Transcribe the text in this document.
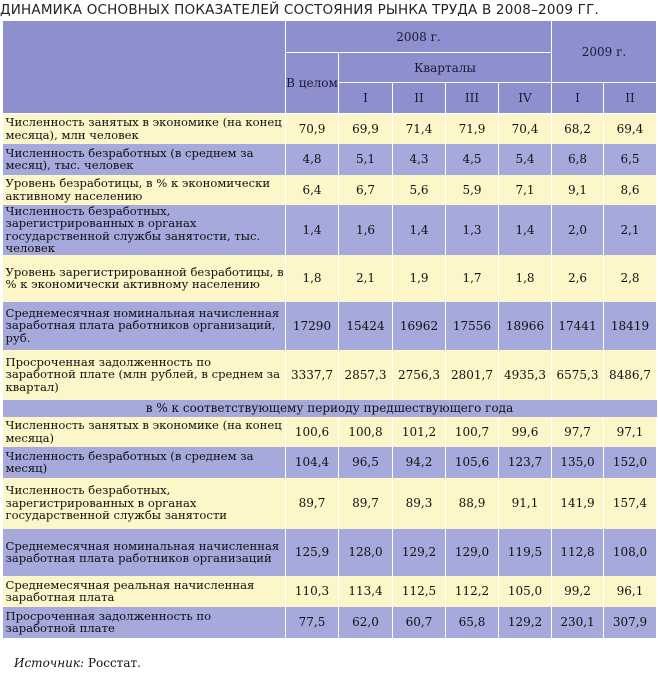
ДИНАМИКА ОСНОВНЫХ ПОКАЗАТЕЛЕЙ СОСТОЯНИЯ РЫНКА ТРУДА В 2008–2009 ГГ.
	2008 г.					2009 г.	
	В целом	Кварталы					
		I	II	III	IV	I	II
Численность занятых в экономике (на конец месяца), млн человек	70,9	69,9	71,4	71,9	70,4	68,2	69,4
Численность безработных (в среднем за месяц), тыс. человек	4,8	5,1	4,3	4,5	5,4	6,8	6,5
Уровень безработицы, в % к экономически активному населению	6,4	6,7	5,6	5,9	7,1	9,1	8,6
Численность безработных, зарегистрированных в органах государственной службы занятости, тыс. человек	1,4	1,6	1,4	1,3	1,4	2,0	2,1
Уровень зарегистрированной безработицы, в % к экономически активному населению	1,8	2,1	1,9	1,7	1,8	2,6	2,8
Среднемесячная номинальная начисленная заработная плата работников организаций, руб.	17290	15424	16962	17556	18966	17441	18419
Просроченная задолженность по заработной плате (млн рублей, в среднем за квартал)	3337,7	2857,3	2756,3	2801,7	4935,3	6575,3	8486,7
в % к соответствующему периоду предшествующего года							
Численность занятых в экономике (на конец месяца)	100,6	100,8	101,2	100,7	99,6	97,7	97,1
Численность безработных (в среднем за месяц)	104,4	96,5	94,2	105,6	123,7	135,0	152,0
Численность безработных, зарегистрированных в органах государственной службы занятости	89,7	89,7	89,3	88,9	91,1	141,9	157,4
Среднемесячная номинальная начисленная заработная плата работников организаций	125,9	128,0	129,2	129,0	119,5	112,8	108,0
Среднемесячная реальная начисленная заработная плата	110,3	113,4	112,5	112,2	105,0	99,2	96,1
Просроченная задолженность по заработной плате	77,5	62,0	60,7	65,8	129,2	230,1	307,9
Источник: Росстат.
